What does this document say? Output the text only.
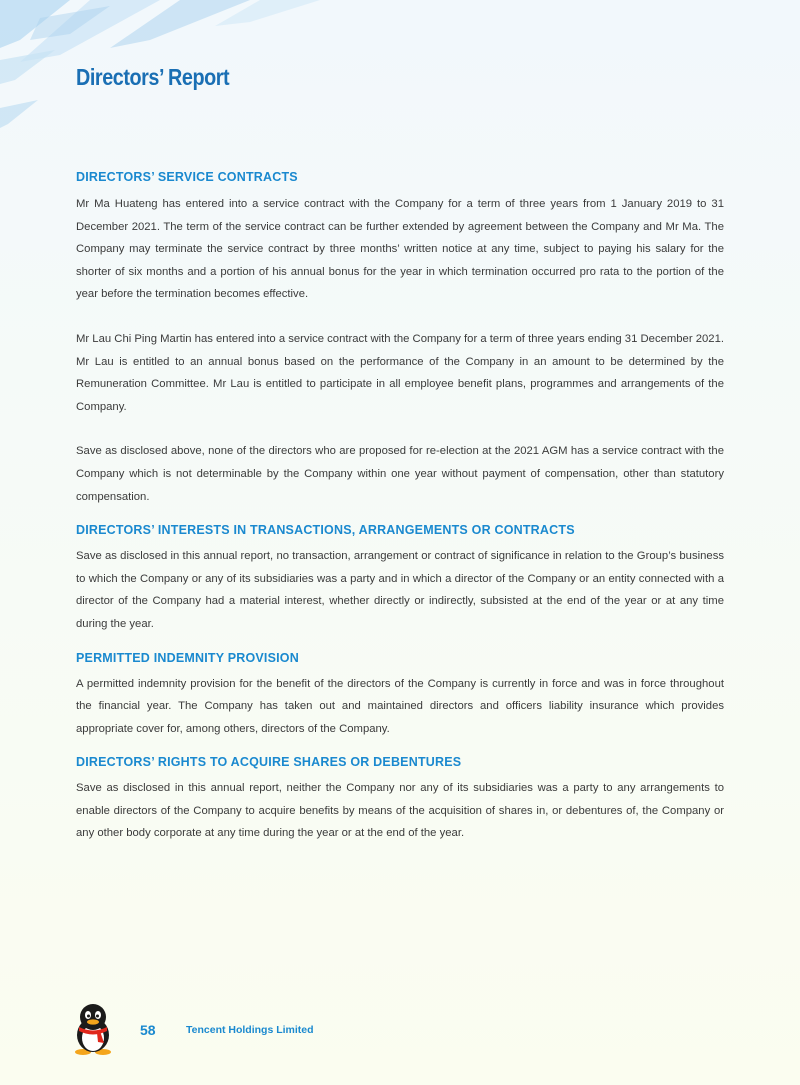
Directors’ Report
DIRECTORS’ SERVICE CONTRACTS

Mr Ma Huateng has entered into a service contract with the Company for a term of three years from 1 January 2019 to 31 December 2021. The term of the service contract can be further extended by agreement between the Company and Mr Ma. The Company may terminate the service contract by three months’ written notice at any time, subject to paying his salary for the shorter of six months and a portion of his annual bonus for the year in which termination occurred pro rata to the portion of the year before the termination becomes effective.

Mr Lau Chi Ping Martin has entered into a service contract with the Company for a term of three years ending 31 December 2021. Mr Lau is entitled to an annual bonus based on the performance of the Company in an amount to be determined by the Remuneration Committee. Mr Lau is entitled to participate in all employee benefit plans, programmes and arrangements of the Company.

Save as disclosed above, none of the directors who are proposed for re-election at the 2021 AGM has a service contract with the Company which is not determinable by the Company within one year without payment of compensation, other than statutory compensation.

DIRECTORS’ INTERESTS IN TRANSACTIONS, ARRANGEMENTS OR CONTRACTS

Save as disclosed in this annual report, no transaction, arrangement or contract of significance in relation to the Group’s business to which the Company or any of its subsidiaries was a party and in which a director of the Company or an entity connected with a director of the Company had a material interest, whether directly or indirectly, subsisted at the end of the year or at any time during the year.

PERMITTED INDEMNITY PROVISION

A permitted indemnity provision for the benefit of the directors of the Company is currently in force and was in force throughout the financial year. The Company has taken out and maintained directors and officers liability insurance which provides appropriate cover for, among others, directors of the Company.

DIRECTORS’ RIGHTS TO ACQUIRE SHARES OR DEBENTURES

Save as disclosed in this annual report, neither the Company nor any of its subsidiaries was a party to any arrangements to enable directors of the Company to acquire benefits by means of the acquisition of shares in, or debentures of, the Company or any other body corporate at any time during the year or at the end of the year.

58	Tencent Holdings Limited
